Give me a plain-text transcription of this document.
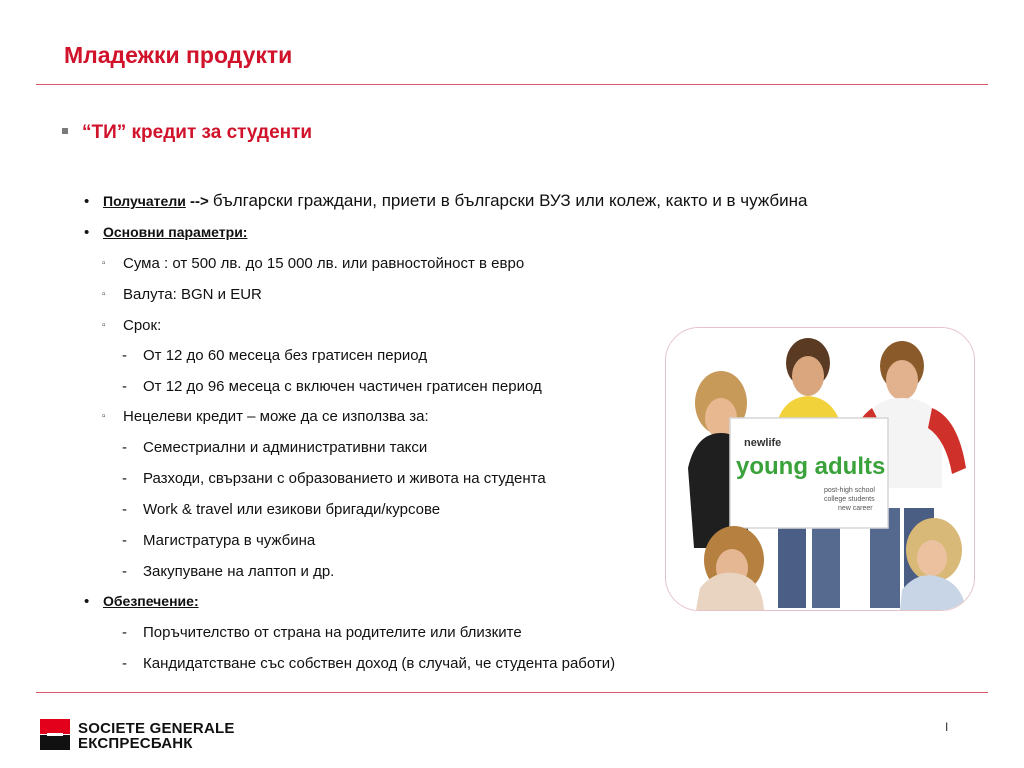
Младежки продукти
“ТИ” кредит за студенти
• Получатели --> български граждани, приети в български ВУЗ или колеж, както и в чужбина
• Основни параметри:
▫ Сума : от 500 лв. до 15 000 лв. или равностойност в евро
▫ Валута: BGN и EUR
▫ Срок:
- От 12 до 60 месеца без гратисен период
- От 12 до 96 месеца с включен частичен гратисен период
▫ Нецелеви кредит – може да се използва за:
- Семестриални и административни такси
- Разходи, свързани с образованието и живота на студента
- Work & travel или езикови бригади/курсове
- Магистратура в чужбина
- Закупуване на лаптоп и др.
• Обезпечение:
- Поръчителство от страна на родителите или близките
- Кандидатстване със собствен доход (в случай, че студента работи)
newlife
young adults
post-high school
college students
new career
SOCIETE GENERALE
ЕКСПРЕСБАНК
I
